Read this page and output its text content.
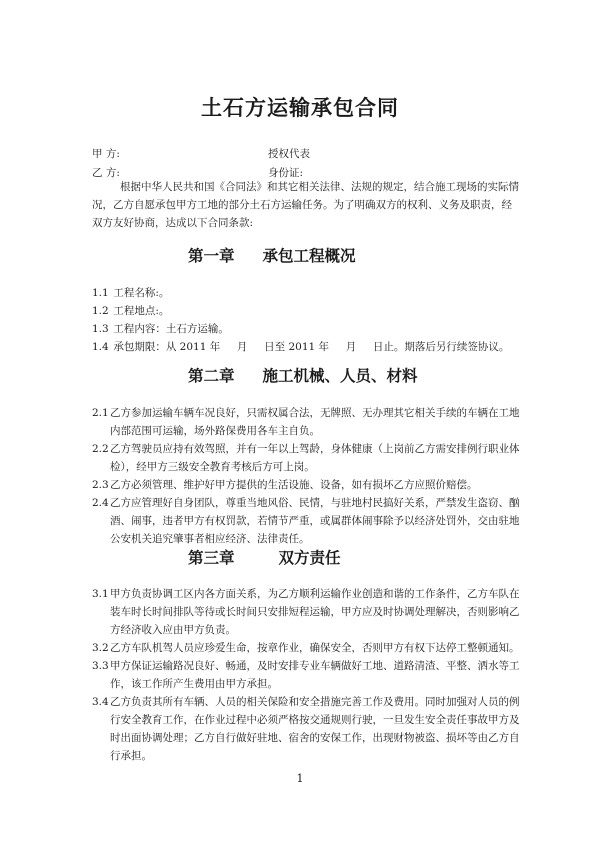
土石方运输承包合同
甲 方:	授权代表
乙 方:	身份证:
根据中华人民共和国《合同法》和其它相关法律、法规的规定，结合施工现场的实际情况，乙方自愿承包甲方工地的部分土石方运输任务。为了明确双方的权利、义务及职责，经双方友好协商，达成以下合同条款:
第一章 承包工程概况
1.1 工程名称:。
1.2 工程地点:。
1.3 工程内容：土石方运输。
1.4 承包期限：从 2011 年     月     日至 2011 年     月     日止。期落后另行续签协议。
第二章 施工机械、人员、材料
2.1 乙方参加运输车辆车况良好，只需权属合法，无牌照、无办理其它相关手续的车辆在工地内部范围可运输，场外路保费用各车主自负。
2.2 乙方驾驶员应持有效驾照，并有一年以上驾龄，身体健康（上岗前乙方需安排例行职业体检），经甲方三级安全教育考核后方可上岗。
2.3 乙方必须管理、维护好甲方提供的生活设施、设备，如有损坏乙方应照价赔偿。
2.4 乙方应管理好自身团队，尊重当地风俗、民情，与驻地村民搞好关系，严禁发生盗窃、酗酒、闹事，违者甲方有权罚款，若情节严重，或属群体闹事除予以经济处罚外，交由驻地公安机关追究肇事者相应经济、法律责任。
第三章	双方责任
3.1 甲方负责协调工区内各方面关系，为乙方顺利运输作业创造和谐的工作条件，乙方车队在装车时长时间排队等待或长时间只安排短程运输，甲方应及时协调处理解决，否则影响乙方经济收入应由甲方负责。
3.2 乙方车队机驾人员应珍爱生命，按章作业，确保安全，否则甲方有权下达停工整顿通知。
3.3 甲方保证运输路况良好、畅通，及时安排专业车辆做好工地、道路清渣、平整、洒水等工作，该工作所产生费用由甲方承担。
3.4 乙方负责其所有车辆、人员的相关保险和安全措施完善工作及费用。同时加强对人员的例行安全教育工作，在作业过程中必须严格按交通规则行驶，一旦发生安全责任事故甲方及时出面协调处理；乙方自行做好驻地、宿舍的安保工作，出现财物被盗、损坏等由乙方自行承担。
1
